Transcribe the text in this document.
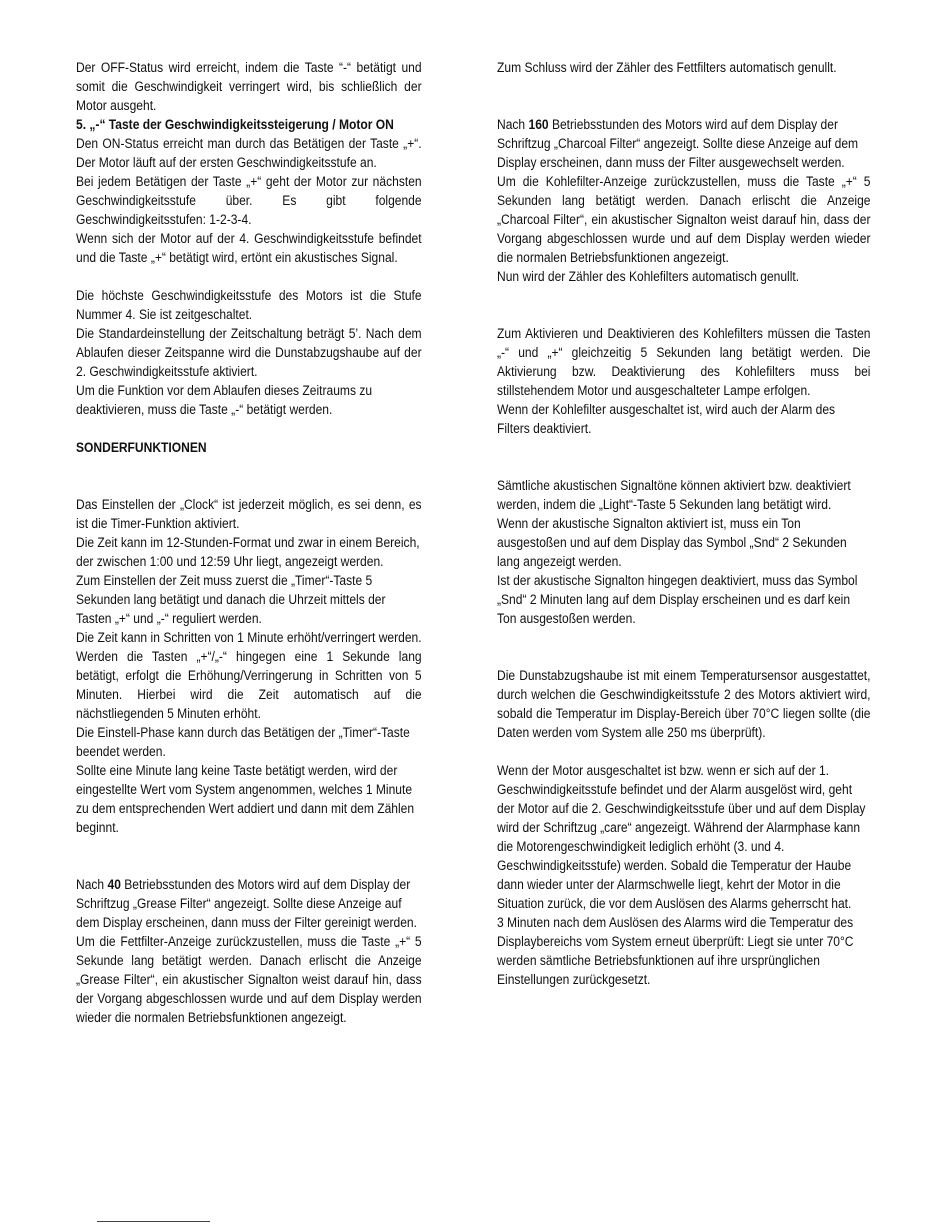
Der OFF-Status wird erreicht, indem die Taste “-“ betätigt und somit die Geschwindigkeit verringert wird, bis schließlich der Motor ausgeht.

5. „-“ Taste der Geschwindigkeitssteigerung / Motor ON

Den ON-Status erreicht man durch das Betätigen der Taste „+“. Der Motor läuft auf der ersten Geschwindigkeitsstufe an.

Bei jedem Betätigen der Taste „+“ geht der Motor zur nächsten Geschwindigkeitsstufe über. Es gibt folgende Geschwindigkeitsstufen: 1-2-3-4.

Wenn sich der Motor auf der 4. Geschwindigkeitsstufe befindet und die Taste „+“ betätigt wird, ertönt ein akustisches Signal.

Die höchste Geschwindigkeitsstufe des Motors ist die Stufe Nummer 4. Sie ist zeitgeschaltet.

Die Standardeinstellung der Zeitschaltung beträgt 5’. Nach dem Ablaufen dieser Zeitspanne wird die Dunstabzugshaube auf der 2. Geschwindigkeitsstufe aktiviert.

Um die Funktion vor dem Ablaufen dieses Zeitraums zu deaktivieren, muss die Taste „-“ betätigt werden.

SONDERFUNKTIONEN

Das Einstellen der „Clock“ ist jederzeit möglich, es sei denn, es ist die Timer-Funktion aktiviert.

Die Zeit kann im 12-Stunden-Format und zwar in einem Bereich, der zwischen 1:00 und 12:59 Uhr liegt, angezeigt werden.

Zum Einstellen der Zeit muss zuerst die „Timer“-Taste 5 Sekunden lang betätigt und danach die Uhrzeit mittels der Tasten „+“ und „-“ reguliert werden.

Die Zeit kann in Schritten von 1 Minute erhöht/verringert werden. Werden die Tasten „+“/„-“ hingegen eine 1 Sekunde lang betätigt, erfolgt die Erhöhung/Verringerung in Schritten von 5 Minuten. Hierbei wird die Zeit automatisch auf die nächstliegenden 5 Minuten erhöht.

Die Einstell-Phase kann durch das Betätigen der „Timer“-Taste beendet werden.

Sollte eine Minute lang keine Taste betätigt werden, wird der eingestellte Wert vom System angenommen, welches 1 Minute zu dem entsprechenden Wert addiert und dann mit dem Zählen beginnt.

Nach 40 Betriebsstunden des Motors wird auf dem Display der Schriftzug „Grease Filter“ angezeigt. Sollte diese Anzeige auf dem Display erscheinen, dann muss der Filter gereinigt werden.

Um die Fettfilter-Anzeige zurückzustellen, muss die Taste „+“ 5 Sekunde lang betätigt werden. Danach erlischt die Anzeige „Grease Filter“, ein akustischer Signalton weist darauf hin, dass der Vorgang abgeschlossen wurde und auf dem Display werden wieder die normalen Betriebsfunktionen angezeigt.

Zum Schluss wird der Zähler des Fettfilters automatisch genullt.

Nach 160 Betriebsstunden des Motors wird auf dem Display der Schriftzug „Charcoal Filter“ angezeigt. Sollte diese Anzeige auf dem Display erscheinen, dann muss der Filter ausgewechselt werden.

Um die Kohlefilter-Anzeige zurückzustellen, muss die Taste „+“ 5 Sekunden lang betätigt werden. Danach erlischt die Anzeige „Charcoal Filter“, ein akustischer Signalton weist darauf hin, dass der Vorgang abgeschlossen wurde und auf dem Display werden wieder die normalen Betriebsfunktionen angezeigt.

Nun wird der Zähler des Kohlefilters automatisch genullt.

Zum Aktivieren und Deaktivieren des Kohlefilters müssen die Tasten „-“ und „+“ gleichzeitig 5 Sekunden lang betätigt werden. Die Aktivierung bzw. Deaktivierung des Kohlefilters muss bei stillstehendem Motor und ausgeschalteter Lampe erfolgen.

Wenn der Kohlefilter ausgeschaltet ist, wird auch der Alarm des Filters deaktiviert.

Sämtliche akustischen Signaltöne können aktiviert bzw. deaktiviert werden, indem die „Light“-Taste 5 Sekunden lang betätigt wird.

Wenn der akustische Signalton aktiviert ist, muss ein Ton ausgestoßen und auf dem Display das Symbol „Snd“ 2 Sekunden lang angezeigt werden.

Ist der akustische Signalton hingegen deaktiviert, muss das Symbol „Snd“ 2 Minuten lang auf dem Display erscheinen und es darf kein Ton ausgestoßen werden.

Die Dunstabzugshaube ist mit einem Temperatursensor ausgestattet, durch welchen die Geschwindigkeitsstufe 2 des Motors aktiviert wird, sobald die Temperatur im Display-Bereich über 70°C liegen sollte (die Daten werden vom System alle 250 ms überprüft).

Wenn der Motor ausgeschaltet ist bzw. wenn er sich auf der 1. Geschwindigkeitsstufe befindet und der Alarm ausgelöst wird, geht der Motor auf die 2. Geschwindigkeitsstufe über und auf dem Display wird der Schriftzug „care“ angezeigt. Während der Alarmphase kann die Motorengeschwindigkeit lediglich erhöht (3. und 4. Geschwindigkeitsstufe) werden. Sobald die Temperatur der Haube dann wieder unter der Alarmschwelle liegt, kehrt der Motor in die Situation zurück, die vor dem Auslösen des Alarms geherrscht hat.

3 Minuten nach dem Auslösen des Alarms wird die Temperatur des Displaybereichs vom System erneut überprüft: Liegt sie unter 70°C werden sämtliche Betriebsfunktionen auf ihre ursprünglichen Einstellungen zurückgesetzt.
